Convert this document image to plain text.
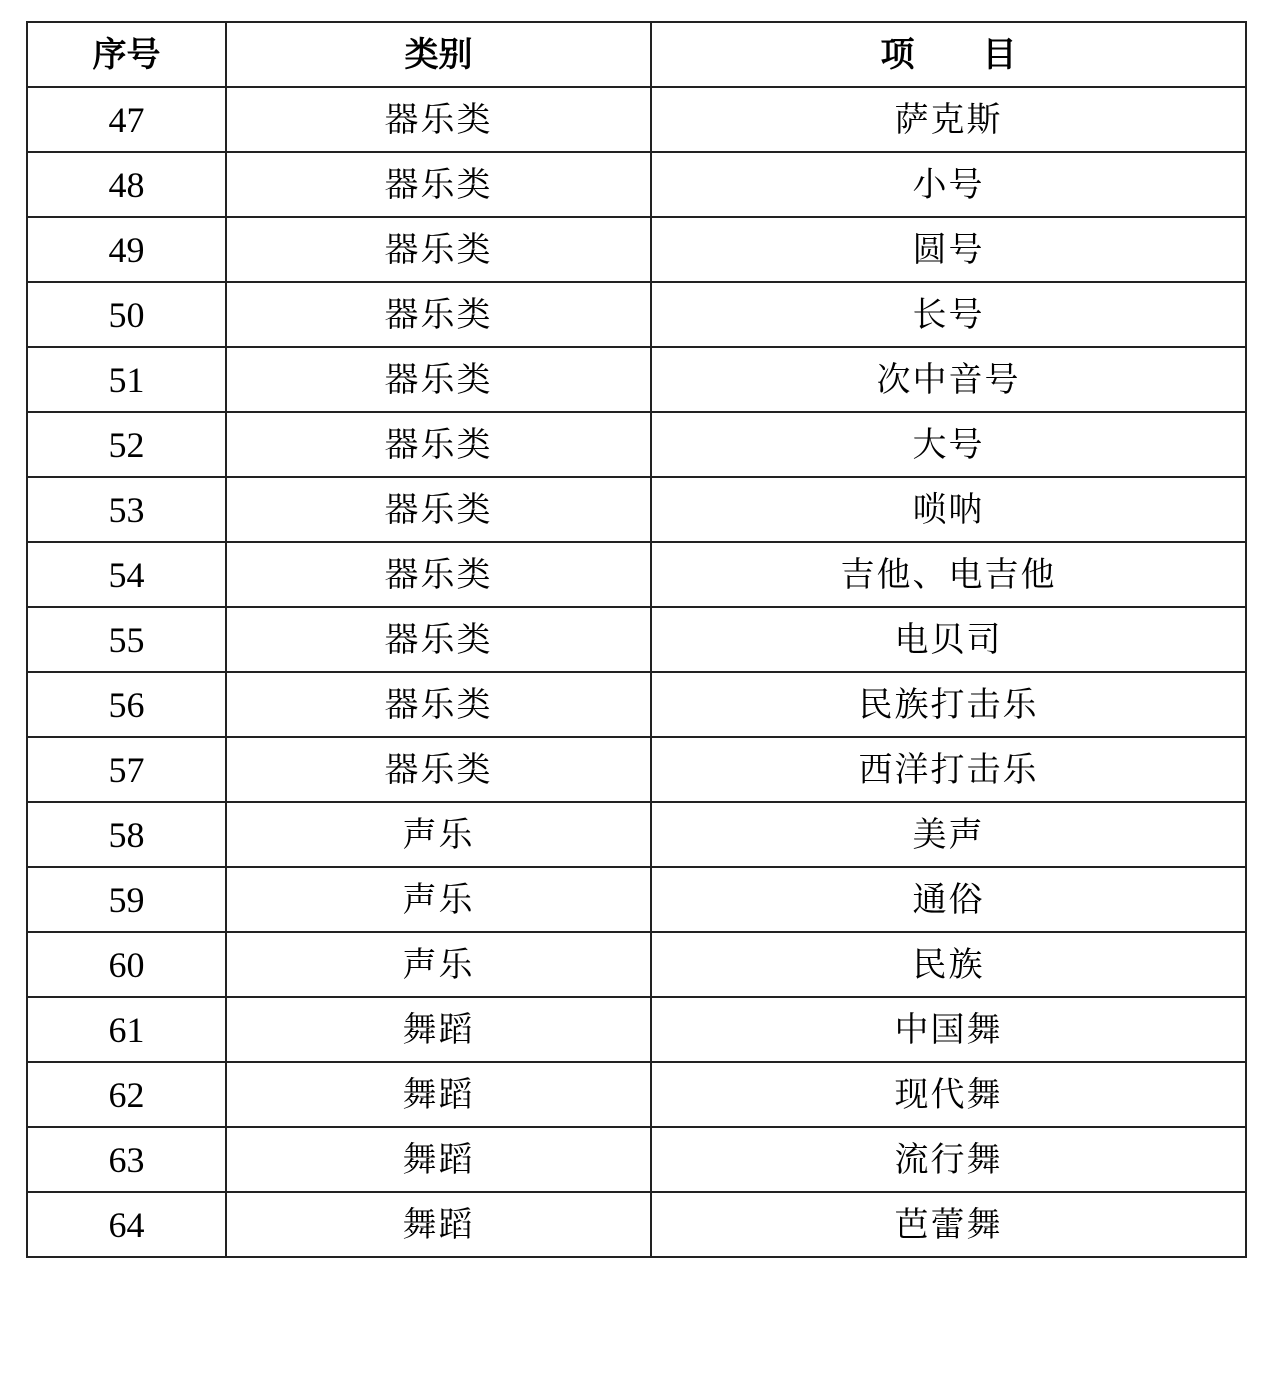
序号	类别	项　　目
47	器乐类	萨克斯
48	器乐类	小号
49	器乐类	圆号
50	器乐类	长号
51	器乐类	次中音号
52	器乐类	大号
53	器乐类	唢呐
54	器乐类	吉他、电吉他
55	器乐类	电贝司
56	器乐类	民族打击乐
57	器乐类	西洋打击乐
58	声乐	美声
59	声乐	通俗
60	声乐	民族
61	舞蹈	中国舞
62	舞蹈	现代舞
63	舞蹈	流行舞
64	舞蹈	芭蕾舞
